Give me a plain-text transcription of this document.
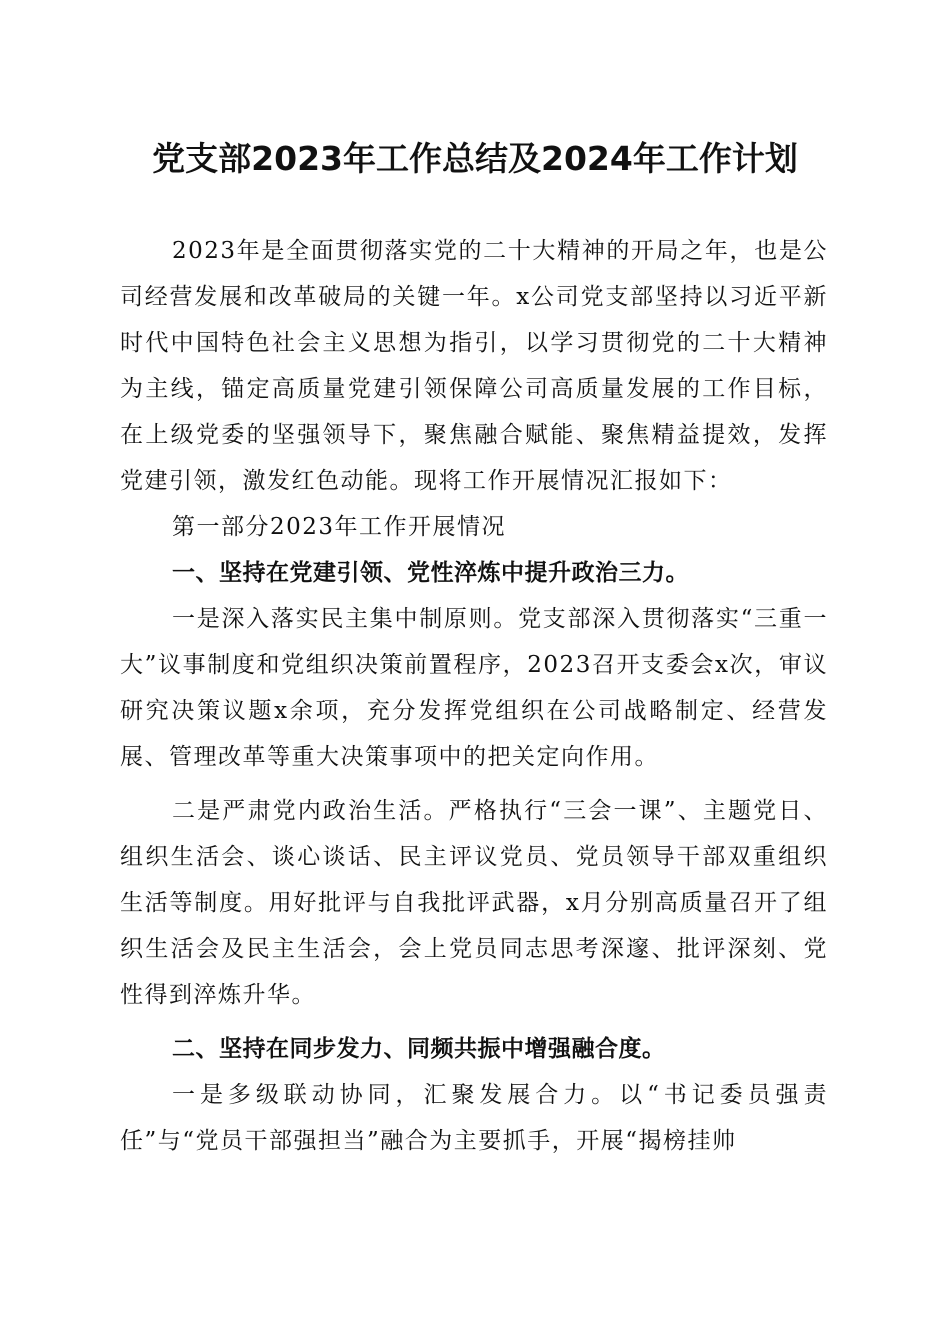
党支部2023年工作总结及2024年工作计划

2023年是全面贯彻落实党的二十大精神的开局之年，也是公司经营发展和改革破局的关键一年。x公司党支部坚持以习近平新时代中国特色社会主义思想为指引，以学习贯彻党的二十大精神为主线，锚定高质量党建引领保障公司高质量发展的工作目标，在上级党委的坚强领导下，聚焦融合赋能、聚焦精益提效，发挥党建引领，激发红色动能。现将工作开展情况汇报如下：

第一部分2023年工作开展情况

一、坚持在党建引领、党性淬炼中提升政治三力。

一是深入落实民主集中制原则。党支部深入贯彻落实“三重一大”议事制度和党组织决策前置程序，2023召开支委会x次，审议研究决策议题x余项，充分发挥党组织在公司战略制定、经营发展、管理改革等重大决策事项中的把关定向作用。

二是严肃党内政治生活。严格执行“三会一课”、主题党日、组织生活会、谈心谈话、民主评议党员、党员领导干部双重组织生活等制度。用好批评与自我批评武器，x月分别高质量召开了组织生活会及民主生活会，会上党员同志思考深邃、批评深刻、党性得到淬炼升华。

二、坚持在同步发力、同频共振中增强融合度。

一是多级联动协同，汇聚发展合力。以“书记委员强责任”与“党员干部强担当”融合为主要抓手，开展“揭榜挂帅
